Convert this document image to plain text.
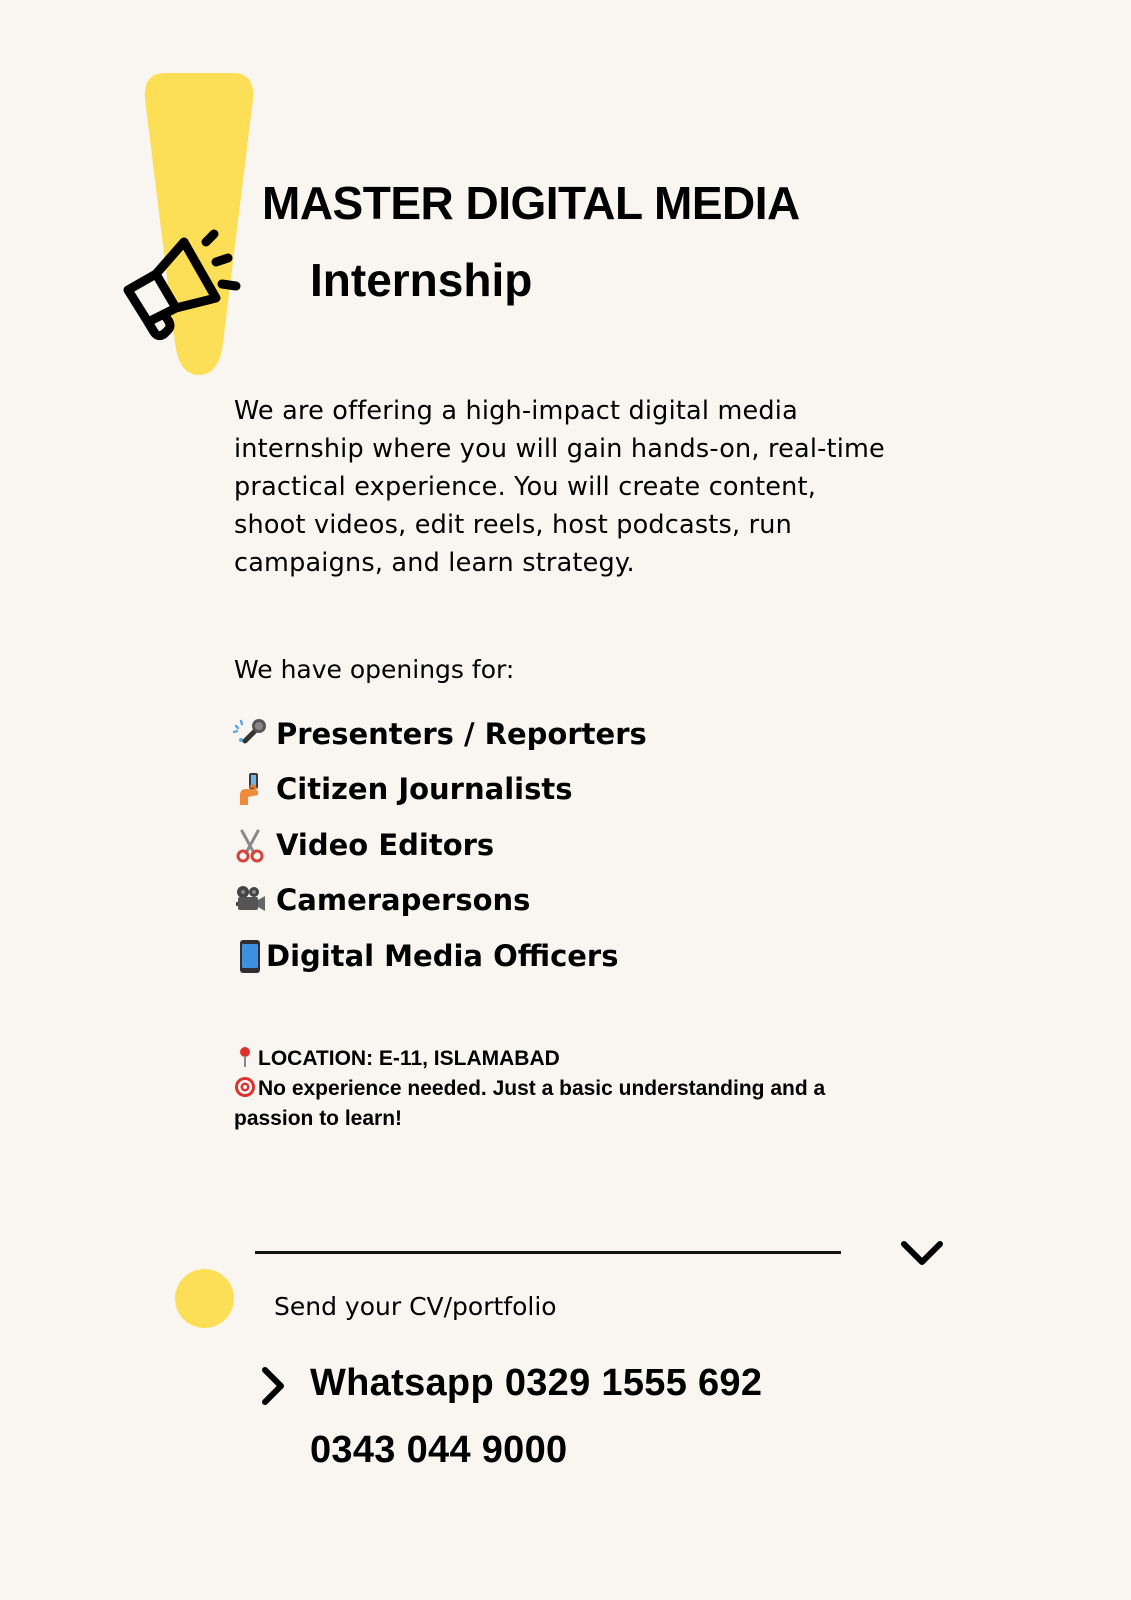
MASTER DIGITAL MEDIA
Internship
We are offering a high-impact digital media internship where you will gain hands-on, real-time practical experience. You will create content, shoot videos, edit reels, host podcasts, run campaigns, and learn strategy.
We have openings for:
Presenters / Reporters
Citizen Journalists
Video Editors
Camerapersons
Digital Media Officers
LOCATION: E-11, ISLAMABAD
No experience needed. Just a basic understanding and a passion to learn!
Send your CV/portfolio
Whatsapp 0329 1555 692
0343 044 9000
